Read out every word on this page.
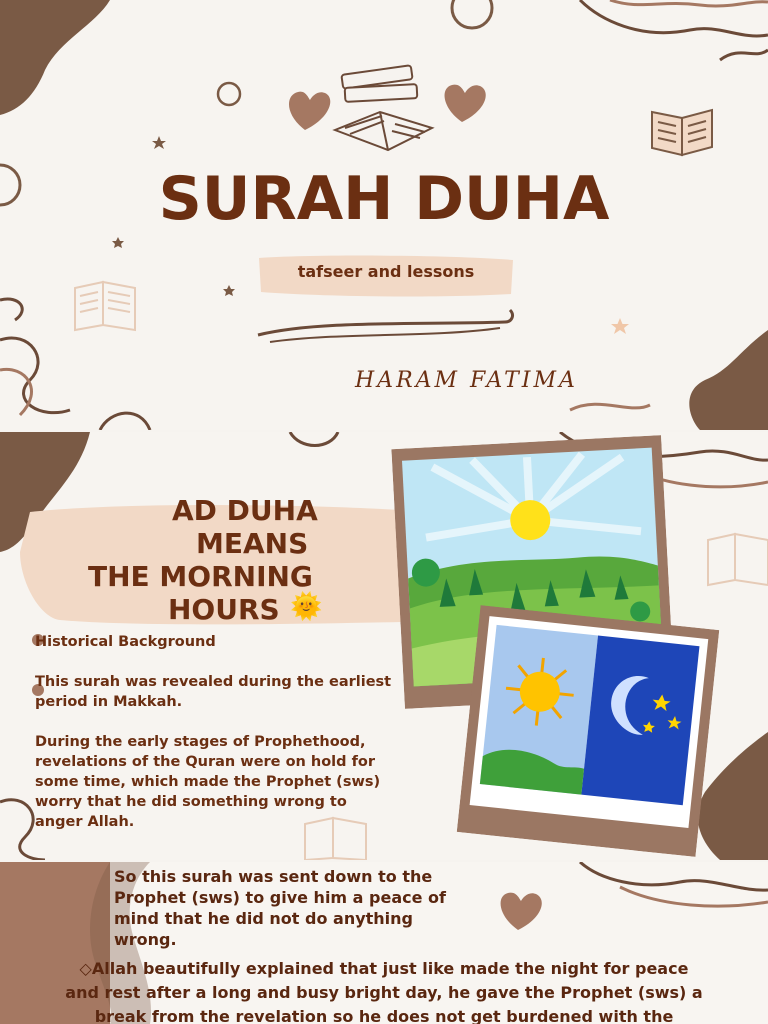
SURAH DUHA
tafseer and lessons
HARAM FATIMA
AD DUHA
MEANS
THE MORNING
HOURS 🌞
Historical Background
This surah was revealed during the earliest
period in Makkah.
During the early stages of Prophethood,
revelations of the Quran were on hold for
some time, which made the Prophet (sws)
worry that he did something wrong to
anger Allah.
So this surah was sent down to the
Prophet (sws) to give him a peace of
mind that he did not do anything
wrong.
◇Allah beautifully explained that just like made the night for peace
and rest after a long and busy bright day, he gave the Prophet (sws) a
break from the revelation so he does not get burdened with the
